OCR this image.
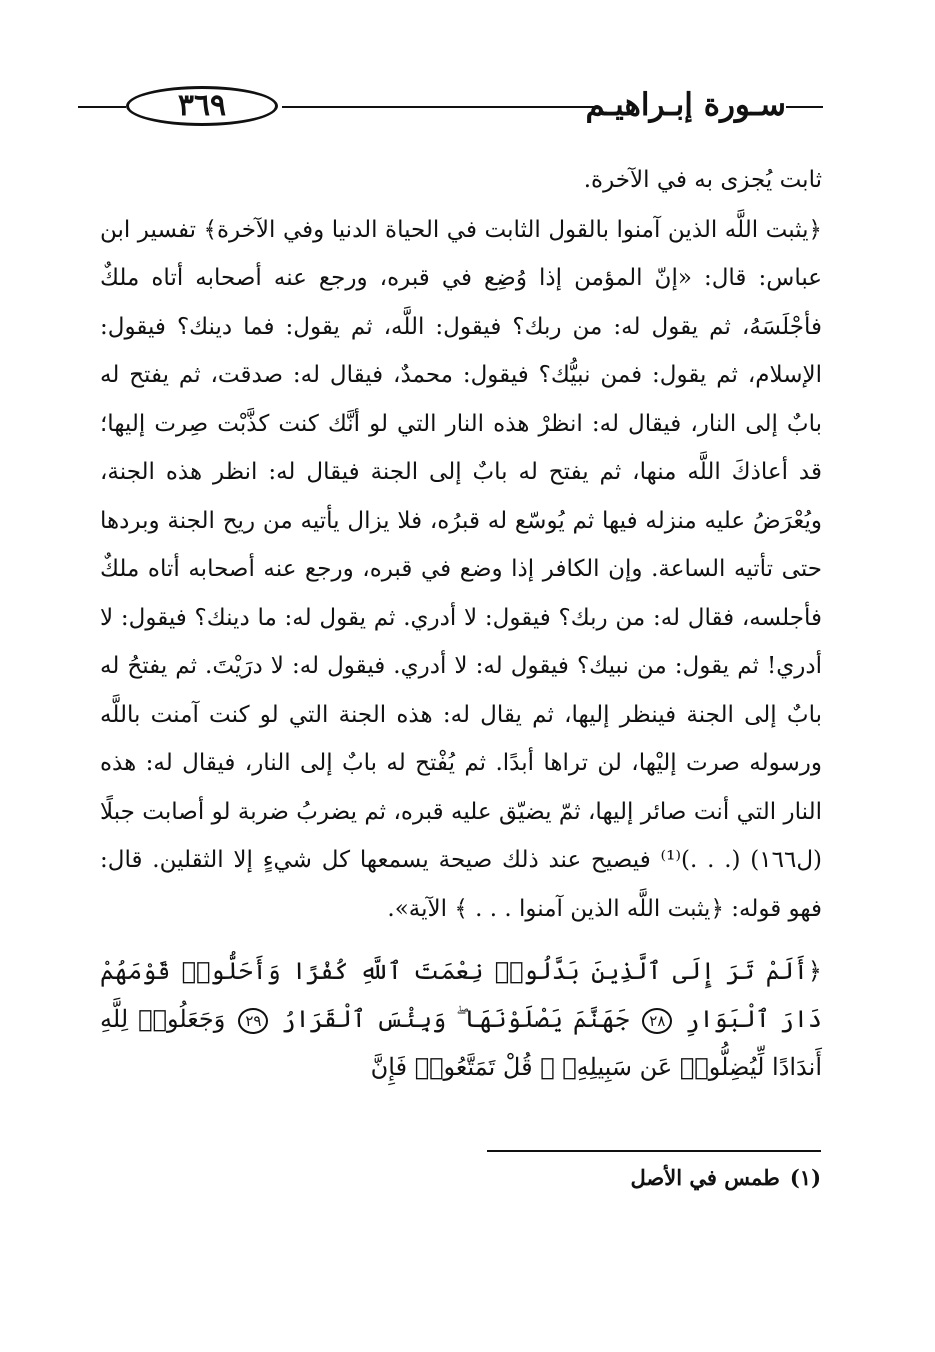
٣٦٩	سـورة إبـراهيـم

ثابت يُجزى به في الآخرة.

﴿يثبت اللَّه الذين آمنوا بالقول الثابت في الحياة الدنيا وفي الآخرة﴾ تفسير ابن عباس: قال: «إنّ المؤمن إذا وُضِع في قبره، ورجع عنه أصحابه أتاه ملكٌ فأجْلَسَهُ، ثم يقول له: من ربك؟ فيقول: اللَّه، ثم يقول: فما دينك؟ فيقول: الإسلام، ثم يقول: فمن نبيُّك؟ فيقول: محمدٌ، فيقال له: صدقت، ثم يفتح له بابٌ إلى النار، فيقال له: انظرْ هذه النار التي لو أنَّك كنت كذَّبْت صِرت إليها؛ قد أعاذكَ اللَّه منها، ثم يفتح له بابٌ إلى الجنة فيقال له: انظر هذه الجنة، ويُعْرَضُ عليه منزله فيها ثم يُوسّع له قبرُه، فلا يزال يأتيه من ريح الجنة وبردها حتى تأتيه الساعة. وإن الكافر إذا وضع في قبره، ورجع عنه أصحابه أتاه ملكٌ فأجلسه، فقال له: من ربك؟ فيقول: لا أدري. ثم يقول له: ما دينك؟ فيقول: لا أدري! ثم يقول: من نبيك؟ فيقول له: لا أدري. فيقول له: لا درَيْتَ. ثم يفتحُ له بابٌ إلى الجنة فينظر إليها، ثم يقال له: هذه الجنة التي لو كنت آمنت باللَّه ورسوله صرت إليْها، لن تراها أبدًا. ثم يُفْتح له بابٌ إلى النار، فيقال له: هذه النار التي أنت صائر إليها، ثمّ يضيّق عليه قبره، ثم يضربُ ضربة لو أصابت جبلًا (ل١٦٦) (. . .)⁽¹⁾ فيصيح عند ذلك صيحة يسمعها كل شيءٍ إلا الثقلين. قال: فهو قوله: ﴿يثبت اللَّه الذين آمنوا . . . ﴾ الآية».

﴿أَلَمْ تَرَ إِلَى ٱلَّذِينَ بَدَّلُوا۟ نِعْمَتَ ٱللَّهِ كُفْرًا وَأَحَلُّوا۟ قَوْمَهُمْ دَارَ ٱلْبَوَارِ ٢٨ جَهَنَّمَ يَصْلَوْنَهَا ۖ وَبِئْسَ ٱلْقَرَارُ ٢٩ وَجَعَلُوا۟ لِلَّهِ أَندَادًا لِّيُضِلُّوا۟ عَن سَبِيلِهِۦ ۗ قُلْ تَمَتَّعُوا۟ فَإِنَّ

(١)طمس في الأصل
